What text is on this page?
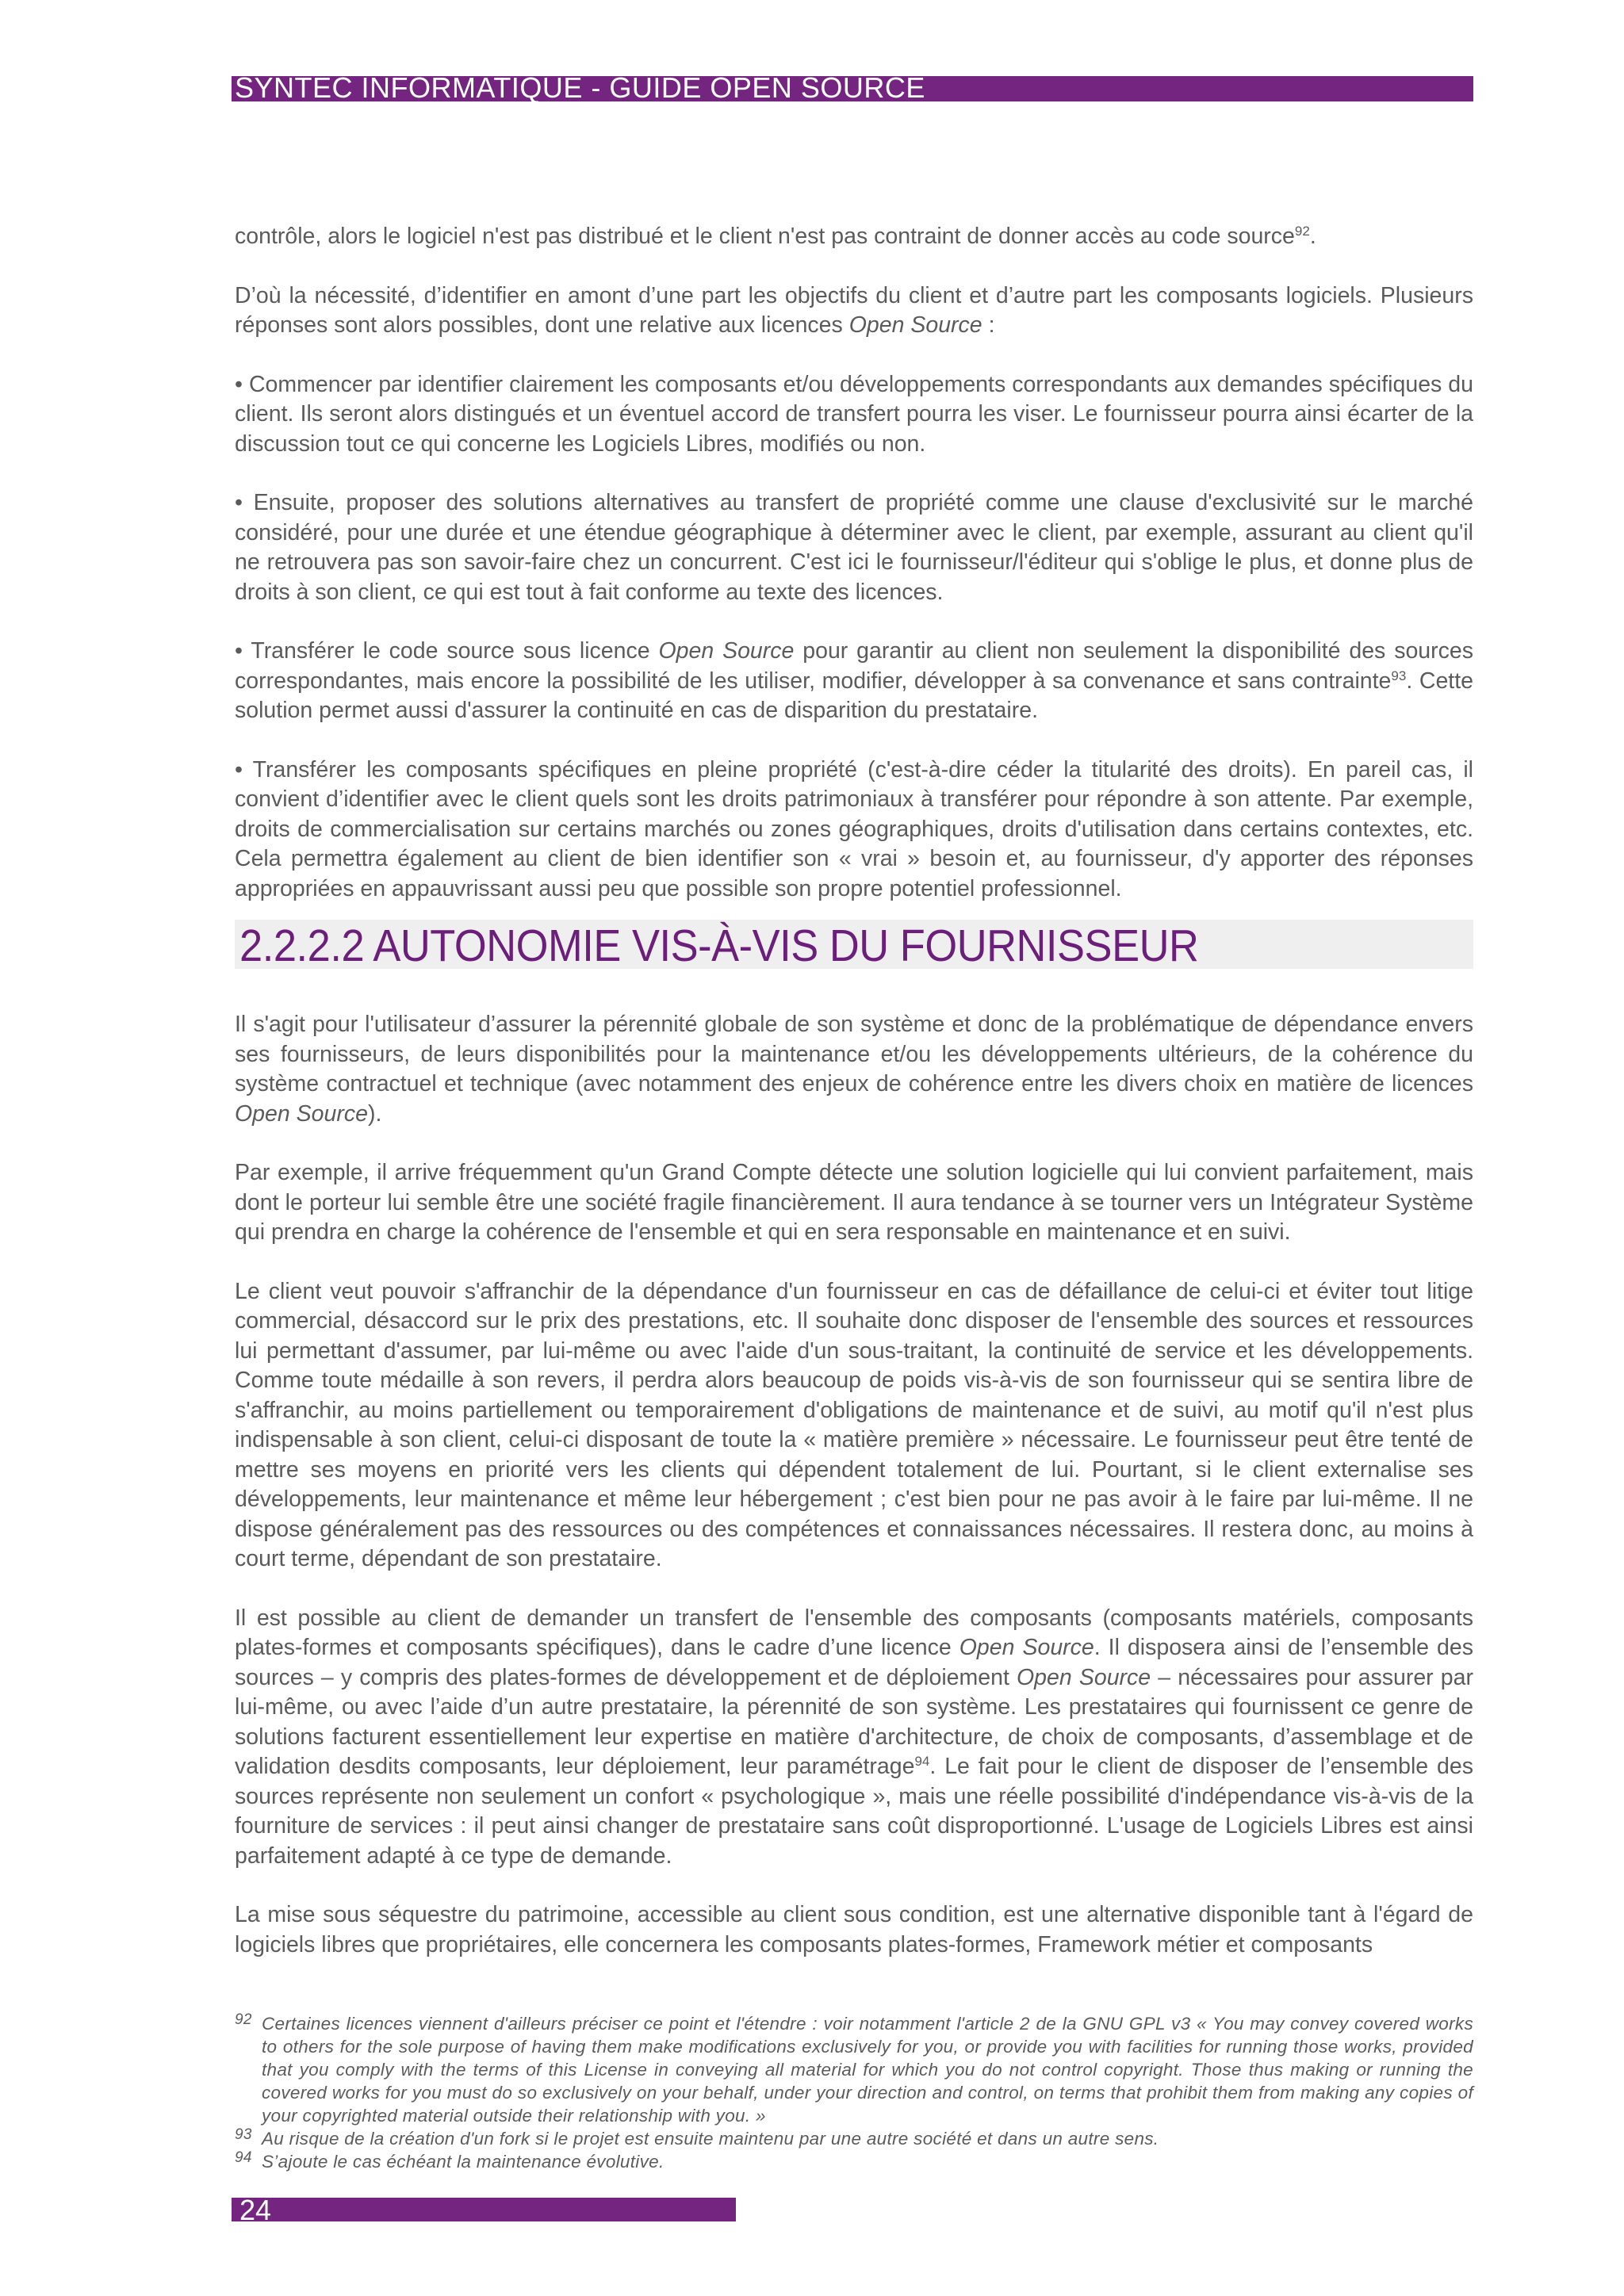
SYNTEC INFORMATIQUE - GUIDE OPEN SOURCE

contrôle, alors le logiciel n'est pas distribué et le client n'est pas contraint de donner accès au code source$^{92}$.

D’où la nécessité, d’identifier en amont d’une part les objectifs du client et d’autre part les composants logiciels. Plusieurs réponses sont alors possibles, dont une relative aux licences Open Source :

• Commencer par identifier clairement les composants et/ou développements correspondants aux demandes spécifiques du client. Ils seront alors distingués et un éventuel accord de transfert pourra les viser. Le fournisseur pourra ainsi écarter de la discussion tout ce qui concerne les Logiciels Libres, modifiés ou non.

• Ensuite, proposer des solutions alternatives au transfert de propriété comme une clause d'exclusivité sur le marché considéré, pour une durée et une étendue géographique à déterminer avec le client, par exemple, assurant au client qu'il ne retrouvera pas son savoir-faire chez un concurrent. C'est ici le fournisseur/l'éditeur qui s'oblige le plus, et donne plus de droits à son client, ce qui est tout à fait conforme au texte des licences.

• Transférer le code source sous licence Open Source pour garantir au client non seulement la disponibilité des sources correspondantes, mais encore la possibilité de les utiliser, modifier, développer à sa convenance et sans contrainte$^{93}$. Cette solution permet aussi d'assurer la continuité en cas de disparition du prestataire.

• Transférer les composants spécifiques en pleine propriété (c'est-à-dire céder la titularité des droits). En pareil cas, il convient d’identifier avec le client quels sont les droits patrimoniaux à transférer pour répondre à son attente. Par exemple, droits de commercialisation sur certains marchés ou zones géographiques, droits d'utilisation dans certains contextes, etc. Cela permettra également au client de bien identifier son « vrai » besoin et, au fournisseur, d'y apporter des réponses appropriées en appauvrissant aussi peu que possible son propre potentiel professionnel.

2.2.2.2 AUTONOMIE VIS-À-VIS DU FOURNISSEUR

Il s'agit pour l'utilisateur d’assurer la pérennité globale de son système et donc de la problématique de dépendance envers ses fournisseurs, de leurs disponibilités pour la maintenance et/ou les développements ultérieurs, de la cohérence du système contractuel et technique (avec notamment des enjeux de cohérence entre les divers choix en matière de licences Open Source).

Par exemple, il arrive fréquemment qu'un Grand Compte détecte une solution logicielle qui lui convient parfaitement, mais dont le porteur lui semble être une société fragile financièrement. Il aura tendance à se tourner vers un Intégrateur Système qui prendra en charge la cohérence de l'ensemble et qui en sera responsable en maintenance et en suivi.

Le client veut pouvoir s'affranchir de la dépendance d'un fournisseur en cas de défaillance de celui-ci et éviter tout litige commercial, désaccord sur le prix des prestations, etc. Il souhaite donc disposer de l'ensemble des sources et ressources lui permettant d'assumer, par lui-même ou avec l'aide d'un sous-traitant, la continuité de service et les développements. Comme toute médaille à son revers, il perdra alors beaucoup de poids vis-à-vis de son fournisseur qui se sentira libre de s'affranchir, au moins partiellement ou temporairement d'obligations de maintenance et de suivi, au motif qu'il n'est plus indispensable à son client, celui-ci disposant de toute la « matière première » nécessaire. Le fournisseur peut être tenté de mettre ses moyens en priorité vers les clients qui dépendent totalement de lui. Pourtant, si le client externalise ses développements, leur maintenance et même leur hébergement ; c'est bien pour ne pas avoir à le faire par lui-même. Il ne dispose généralement pas des ressources ou des compétences et connaissances nécessaires. Il restera donc, au moins à court terme, dépendant de son prestataire.

Il est possible au client de demander un transfert de l'ensemble des composants (composants matériels, composants plates-formes et composants spécifiques), dans le cadre d’une licence Open Source. Il disposera ainsi de l’ensemble des sources – y compris des plates-formes de développement et de déploiement Open Source – nécessaires pour assurer par lui-même, ou avec l’aide d’un autre prestataire, la pérennité de son système. Les prestataires qui fournissent ce genre de solutions facturent essentiellement leur expertise en matière d'architecture, de choix de composants, d’assemblage et de validation desdits composants, leur déploiement, leur paramétrage$^{94}$. Le fait pour le client de disposer de l’ensemble des sources représente non seulement un confort « psychologique », mais une réelle possibilité d'indépendance vis-à-vis de la fourniture de services : il peut ainsi changer de prestataire sans coût disproportionné. L'usage de Logiciels Libres est ainsi parfaitement adapté à ce type de demande.

La mise sous séquestre du patrimoine, accessible au client sous condition, est une alternative disponible tant à l'égard de logiciels libres que propriétaires, elle concernera les composants plates-formes, Framework métier et composants

92 Certaines licences viennent d'ailleurs préciser ce point et l'étendre : voir notamment l'article 2 de la GNU GPL v3 « You may convey covered works to others for the sole purpose of having them make modifications exclusively for you, or provide you with facilities for running those works, provided that you comply with the terms of this License in conveying all material for which you do not control copyright. Those thus making or running the covered works for you must do so exclusively on your behalf, under your direction and control, on terms that prohibit them from making any copies of your copyrighted material outside their relationship with you. »
93 Au risque de la création d'un fork si le projet est ensuite maintenu par une autre société et dans un autre sens.
94 S’ajoute le cas échéant la maintenance évolutive.
24
